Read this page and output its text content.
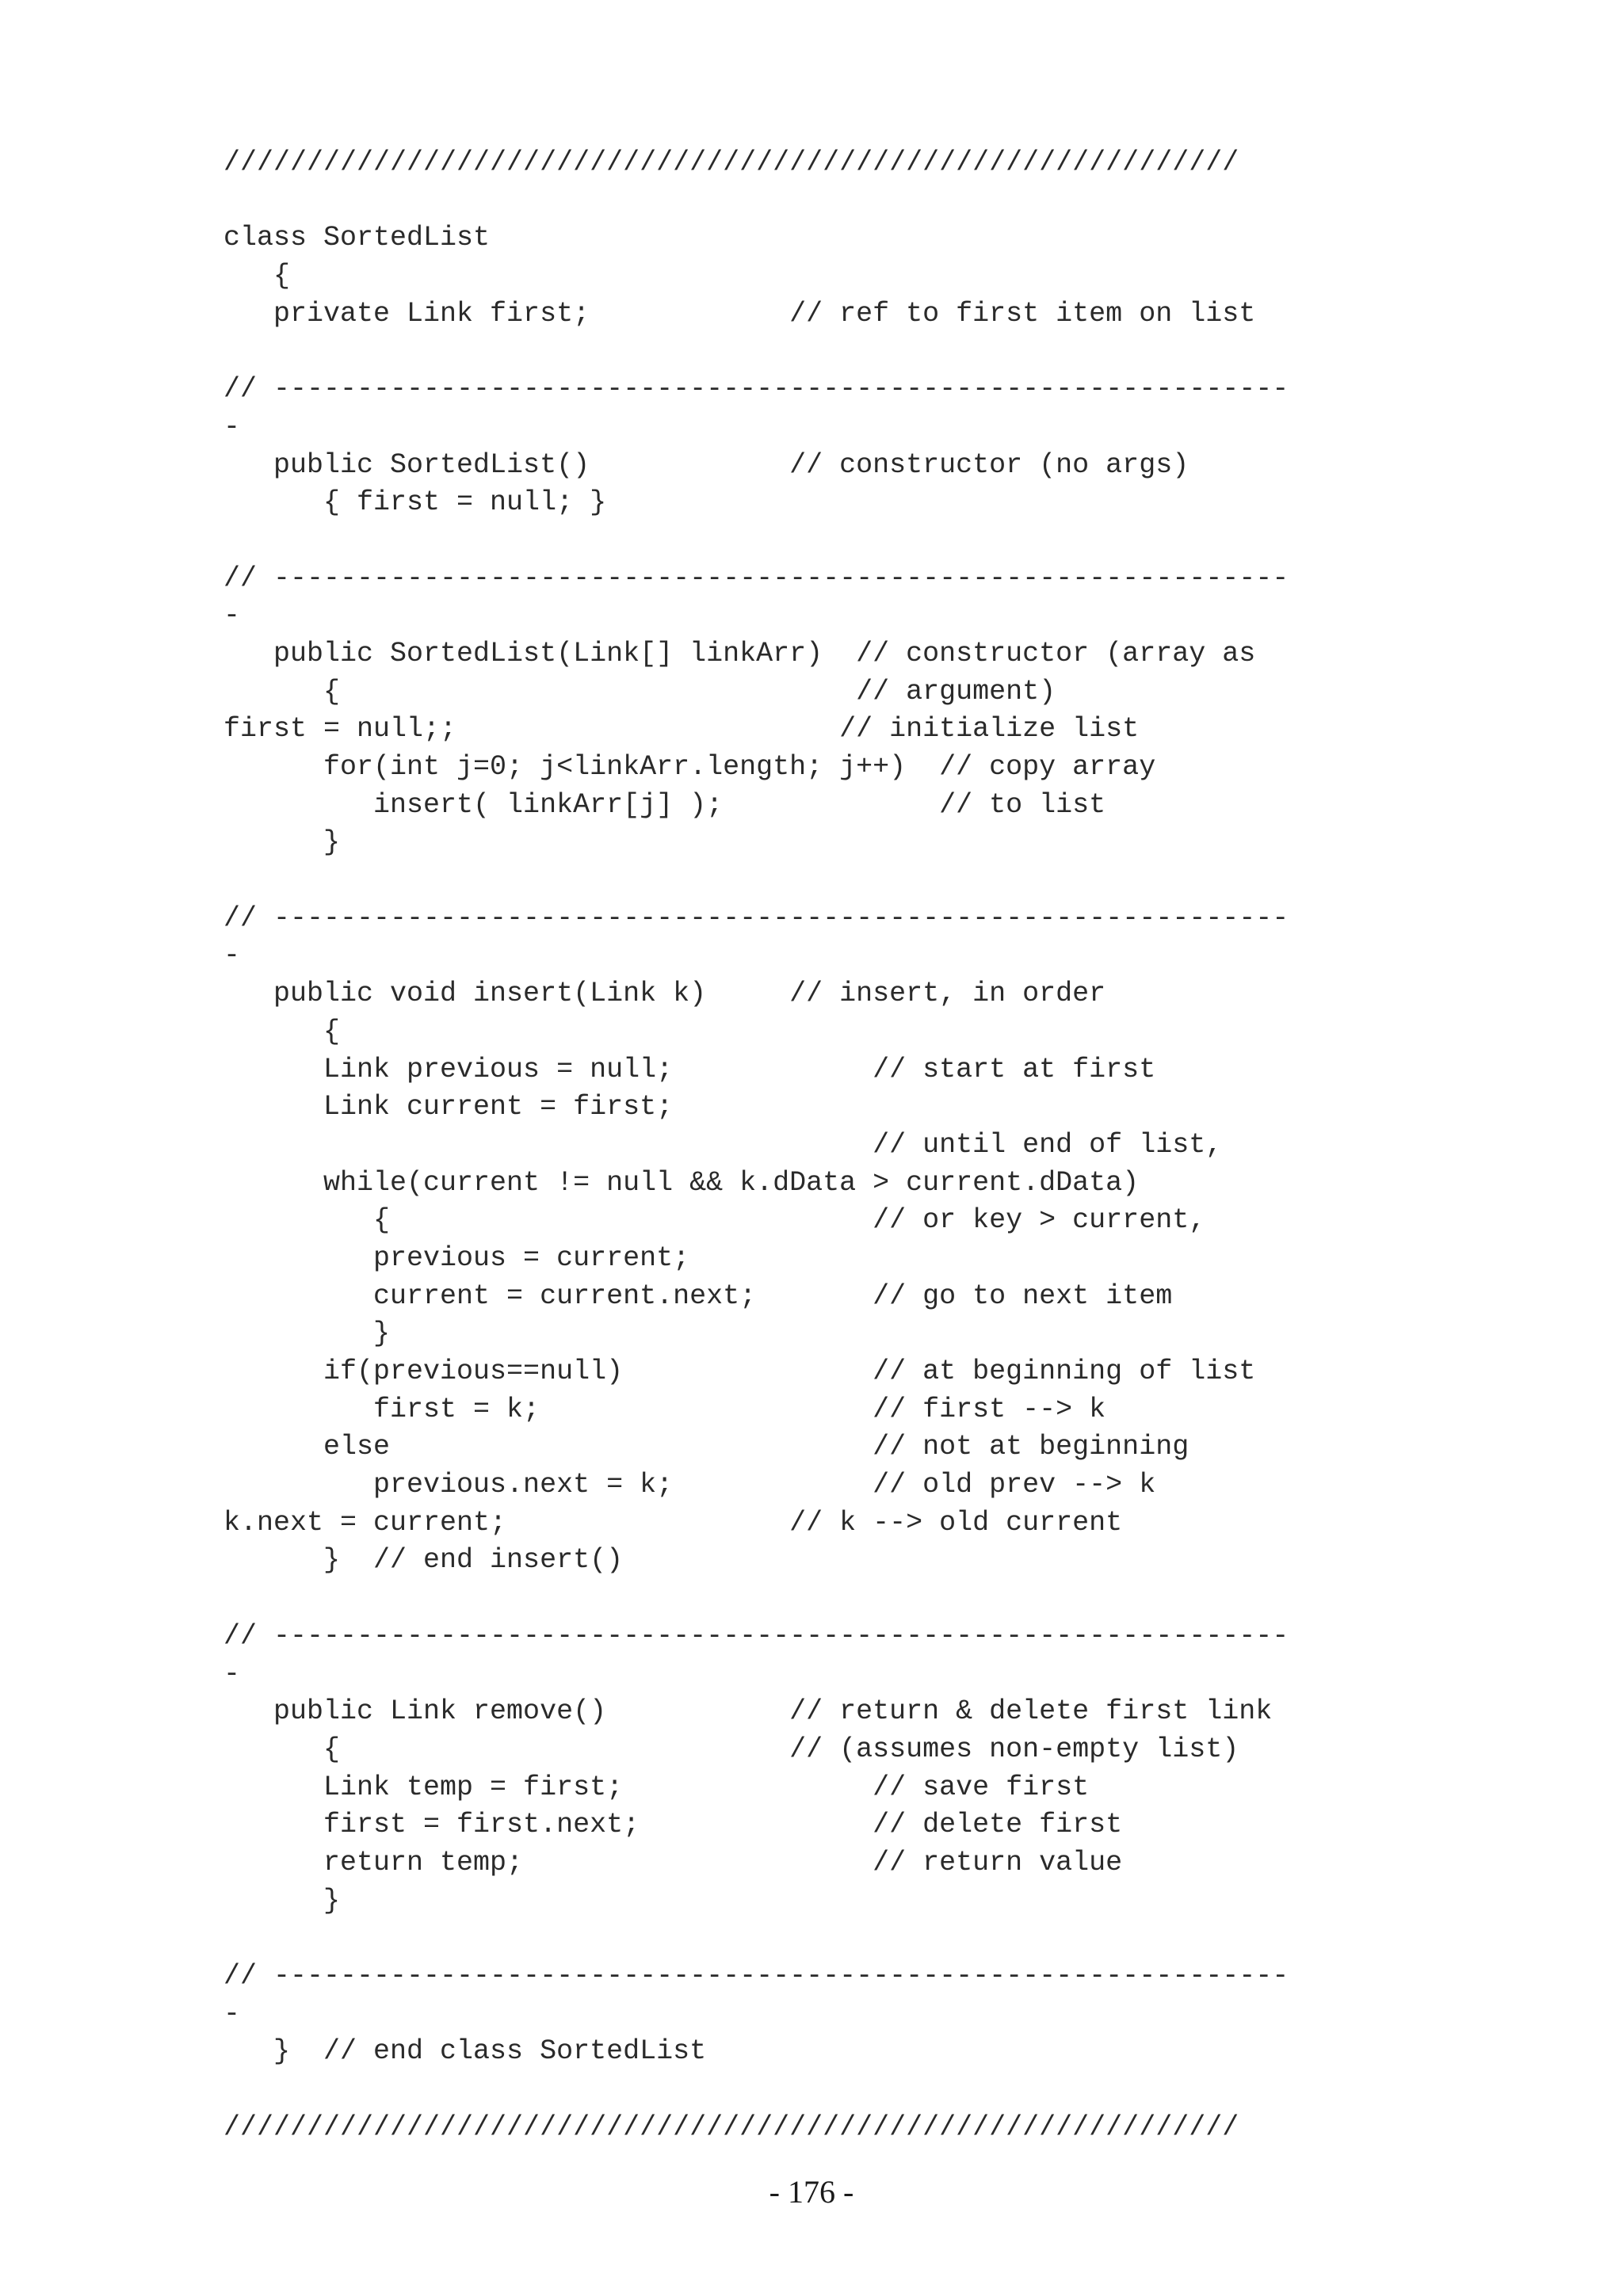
/////////////////////////////////////////////////////////////
class SortedList
{
private Link first;            // ref to first item on list
// -------------------------------------------------------------
-
public SortedList()            // constructor (no args)
{ first = null; }
// -------------------------------------------------------------
-
public SortedList(Link[] linkArr)  // constructor (array as
{                               // argument)
first = null;;                       // initialize list
for(int j=0; j<linkArr.length; j++)  // copy array
insert( linkArr[j] );             // to list
}
// -------------------------------------------------------------
-
public void insert(Link k)     // insert, in order
{
Link previous = null;            // start at first
Link current = first;
// until end of list,
while(current != null && k.dData > current.dData)
{                             // or key > current,
previous = current;
current = current.next;       // go to next item
}
if(previous==null)               // at beginning of list
first = k;                    // first --> k
else                             // not at beginning
previous.next = k;            // old prev --> k
k.next = current;                 // k --> old current
}  // end insert()
// -------------------------------------------------------------
-
public Link remove()           // return & delete first link
{                           // (assumes non-empty list)
Link temp = first;               // save first
first = first.next;              // delete first
return temp;                     // return value
}
// -------------------------------------------------------------
-
}  // end class SortedList
/////////////////////////////////////////////////////////////
- 176 -
